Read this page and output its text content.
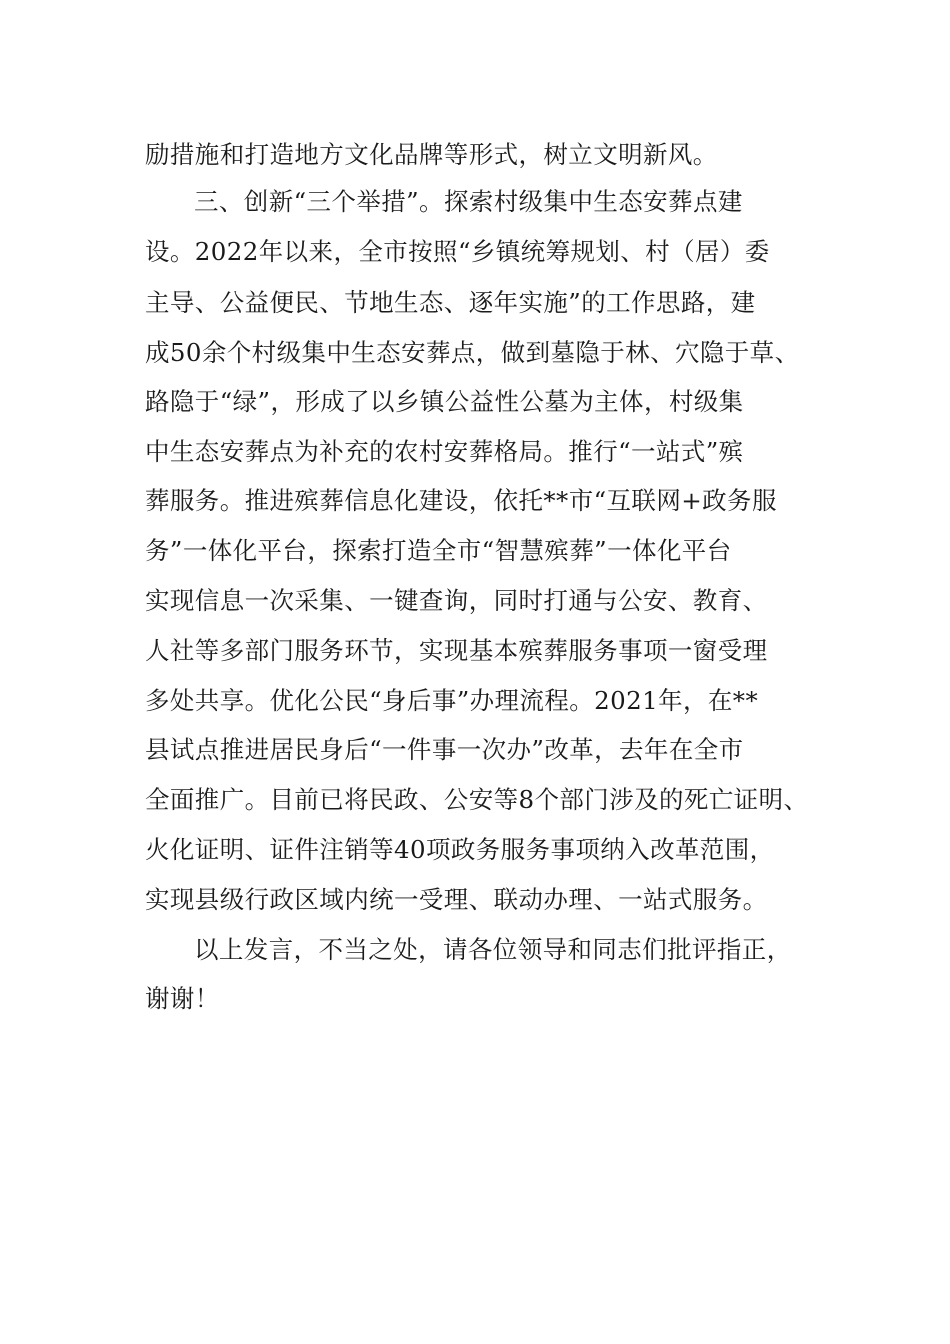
励措施和打造地方文化品牌等形式，树立文明新风。
三、创新“三个举措”。探索村级集中生态安葬点建
设。2022年以来，全市按照“乡镇统筹规划、村（居）委
主导、公益便民、节地生态、逐年实施”的工作思路，建
成50余个村级集中生态安葬点，做到墓隐于林、穴隐于草、
路隐于“绿”，形成了以乡镇公益性公墓为主体，村级集
中生态安葬点为补充的农村安葬格局。推行“一站式”殡
葬服务。推进殡葬信息化建设，依托**市“互联网+政务服
务”一体化平台，探索打造全市“智慧殡葬”一体化平台
实现信息一次采集、一键查询，同时打通与公安、教育、
人社等多部门服务环节，实现基本殡葬服务事项一窗受理
多处共享。优化公民“身后事”办理流程。2021年，在**
县试点推进居民身后“一件事一次办”改革，去年在全市
全面推广。目前已将民政、公安等8个部门涉及的死亡证明、
火化证明、证件注销等40项政务服务事项纳入改革范围，
实现县级行政区域内统一受理、联动办理、一站式服务。
以上发言，不当之处，请各位领导和同志们批评指正，
谢谢！
